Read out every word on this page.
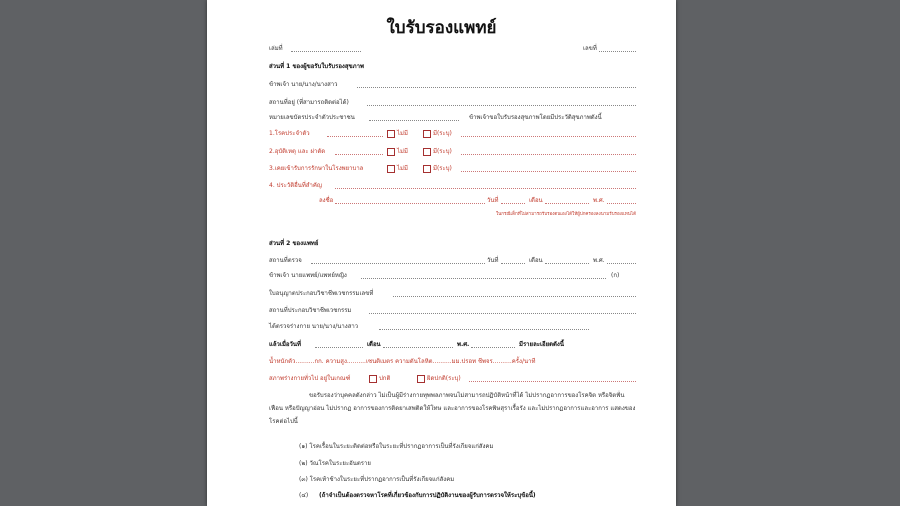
ใบรับรองแพทย์
เล่มที่	เลขที่
ส่วนที่ 1 ของผู้ขอรับใบรับรองสุขภาพ
ข้าพเจ้า นาย/นาง/นางสาว
สถานที่อยู่ (ที่สามารถติดต่อได้)
หมายเลขบัตรประจำตัวประชาชน	ข้าพเจ้าขอใบรับรองสุขภาพโดยมีประวัติสุขภาพดังนี้
1.โรคประจำตัว	ไม่มี	มี(ระบุ)
2.อุบัติเหตุ และ ผ่าตัด	ไม่มี	มี(ระบุ)
3.เคยเข้ารับการรักษาในโรงพยาบาล	ไม่มี	มี(ระบุ)
4. ประวัติอื่นที่สำคัญ
ลงชื่อ	วันที่	เดือน	พ.ศ.
ในกรณีเด็กที่ไม่สามารถรับรองตนเองได้ให้ผู้ปกครองลงนามรับรองแทนได้
ส่วนที่ 2 ของแพทย์
สถานที่ตรวจ	วันที่	เดือน	พ.ศ.
ข้าพเจ้า นายแพทย์/แพทย์หญิง	(ก)
ใบอนุญาตประกอบวิชาชีพเวชกรรมเลขที่
สถานที่ประกอบวิชาชีพเวชกรรม
ได้ตรวจร่างกาย นาย/นาง/นางสาว
แล้วเมื่อวันที่	เดือน	พ.ศ.	มีรายละเอียดดังนี้
น้ำหนักตัว..........กก. ความสูง..........เซนติเมตร ความดันโลหิต..........มม.ปรอท ชีพจร..........ครั้ง/นาที
สภาพร่างกายทั่วไป อยู่ในเกณฑ์	ปกติ	ผิดปกติ(ระบุ)
ขอรับรองว่าบุคคลดังกล่าว ไม่เป็นผู้มีร่างกายทุพพลภาพจนไม่สามารถปฏิบัติหน้าที่ได้ ไม่ปรากฏอาการของโรคจิต หรือจิตฟั่นเฟือน หรือปัญญาอ่อน ไม่ปรากฏ อาการของการติดยาเสพติดให้โทษ และอาการของโรคพิษสุราเรื้อรัง และไม่ปรากฏอาการและอาการ แสดงของโรคต่อไปนี้
(๑) โรคเรื้อนในระยะติดต่อหรือในระยะที่ปรากฏอาการเป็นที่รังเกียจแก่สังคม
(๒) วัณโรคในระยะอันตราย
(๓) โรคเท้าช้างในระยะที่ปรากฏอาการเป็นที่รังเกียจแก่สังคม
(๔) (ถ้าจำเป็นต้องตรวจหาโรคที่เกี่ยวข้องกับการปฏิบัติงานของผู้รับการตรวจให้ระบุข้อนี้)
